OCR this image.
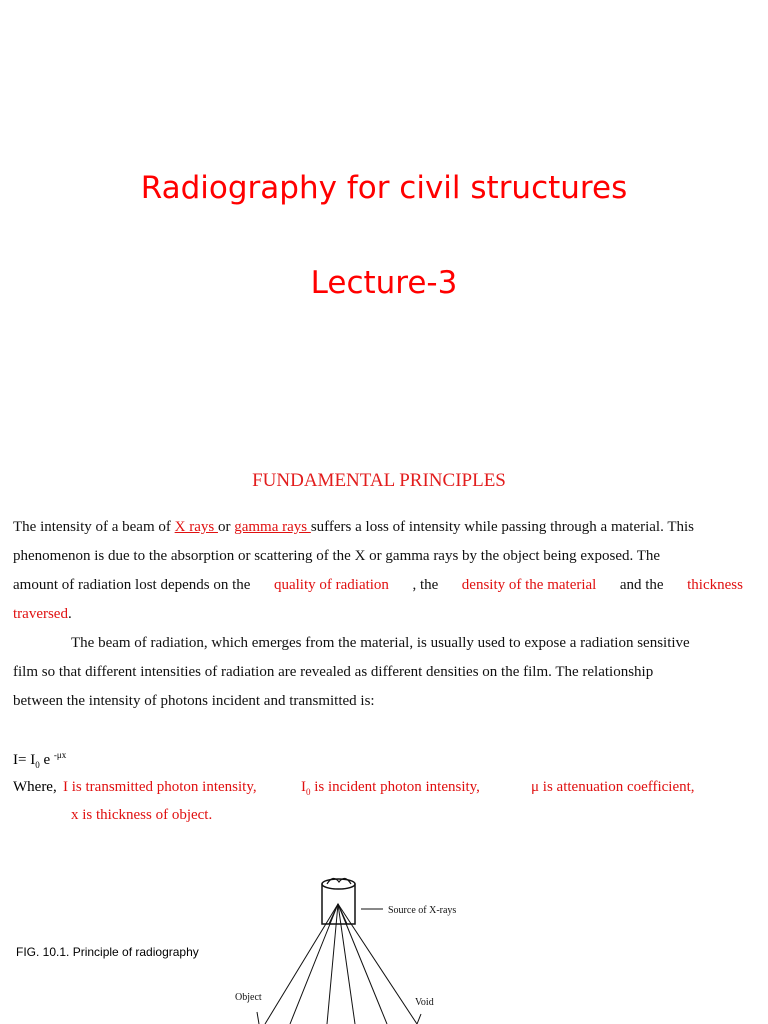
Radiography for civil structures
Lecture-3
FUNDAMENTAL PRINCIPLES
The intensity of a beam of X rays or gamma rays suffers a loss of intensity while passing through a material. This
phenomenon is due to the absorption or scattering of the X or gamma rays by the object being exposed. The
amount of radiation lost depends on the quality of radiation , the density of the material and the thickness
traversed.
The beam of radiation, which emerges from the material, is usually used to expose a radiation sensitive
film so that different intensities of radiation are revealed as different densities on the film. The relationship
between the intensity of photons incident and transmitted is:
$I= I_0$ e $^{-\mu x}$
Where, I is transmitted photon intensity,	$I_0$ is incident photon intensity,	μ is attenuation coefficient,
x is thickness of object.
FIG. 10.1. Principle of radiography
Source of X-rays
Object	Void
